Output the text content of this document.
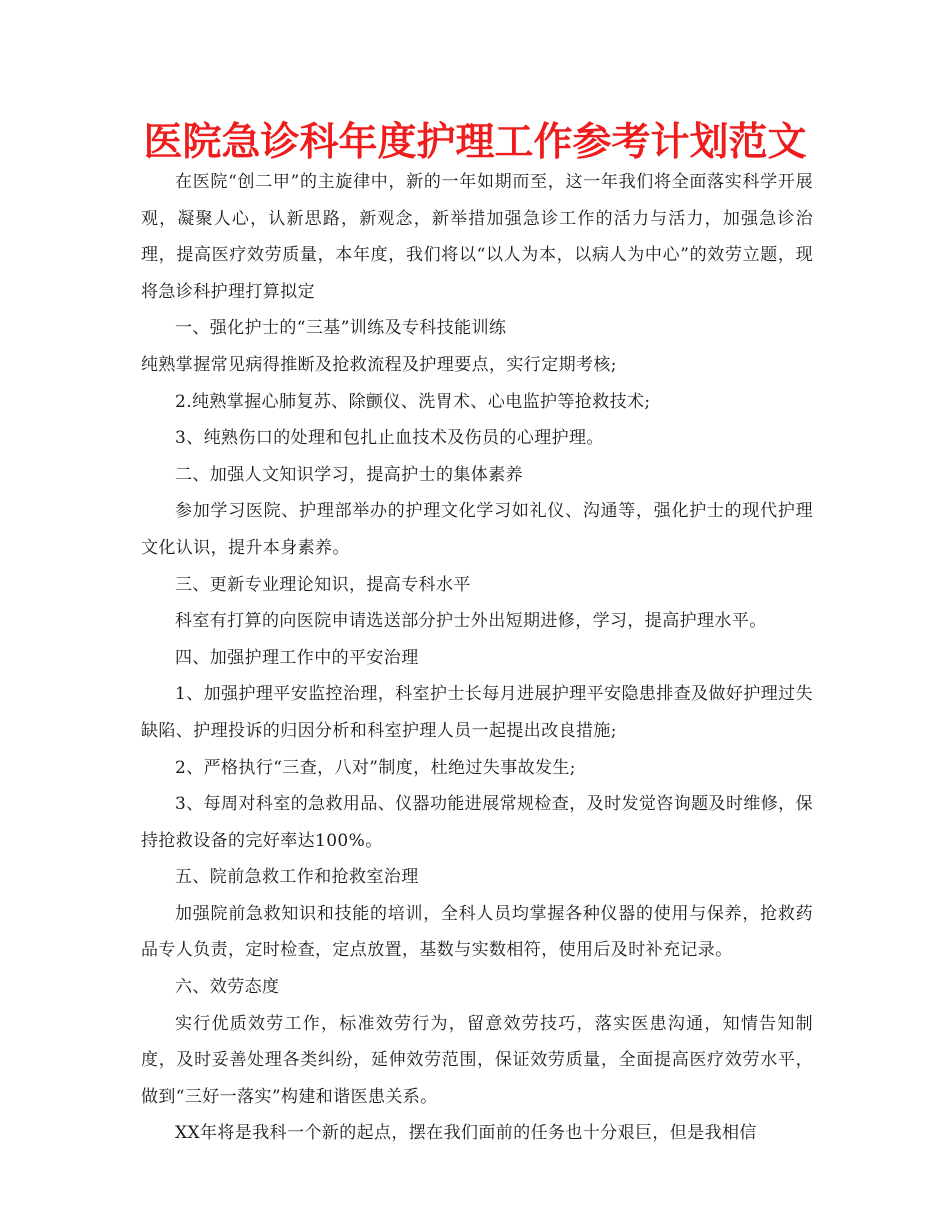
医院急诊科年度护理工作参考计划范文

在医院“创二甲”的主旋律中，新的一年如期而至，这一年我们将全面落实科学开展观，凝聚人心，认新思路，新观念，新举措加强急诊工作的活力与活力，加强急诊治理，提高医疗效劳质量，本年度，我们将以“以人为本，以病人为中心”的效劳立题，现将急诊科护理打算拟定

一、强化护士的“三基”训练及专科技能训练

纯熟掌握常见病得推断及抢救流程及护理要点，实行定期考核;

2.纯熟掌握心肺复苏、除颤仪、洗胃术、心电监护等抢救技术;

3、纯熟伤口的处理和包扎止血技术及伤员的心理护理。

二、加强人文知识学习，提高护士的集体素养

参加学习医院、护理部举办的护理文化学习如礼仪、沟通等，强化护士的现代护理文化认识，提升本身素养。

三、更新专业理论知识，提高专科水平

科室有打算的向医院申请选送部分护士外出短期进修，学习，提高护理水平。

四、加强护理工作中的平安治理

1、加强护理平安监控治理，科室护士长每月进展护理平安隐患排查及做好护理过失缺陷、护理投诉的归因分析和科室护理人员一起提出改良措施;

2、严格执行“三查，八对”制度，杜绝过失事故发生;

3、每周对科室的急救用品、仪器功能进展常规检查，及时发觉咨询题及时维修，保持抢救设备的完好率达100%。

五、院前急救工作和抢救室治理

加强院前急救知识和技能的培训，全科人员均掌握各种仪器的使用与保养，抢救药品专人负责，定时检查，定点放置，基数与实数相符，使用后及时补充记录。

六、效劳态度

实行优质效劳工作，标准效劳行为，留意效劳技巧，落实医患沟通，知情告知制度，及时妥善处理各类纠纷，延伸效劳范围，保证效劳质量，全面提高医疗效劳水平，做到“三好一落实”构建和谐医患关系。

XX年将是我科一个新的起点，摆在我们面前的任务也十分艰巨，但是我相信
